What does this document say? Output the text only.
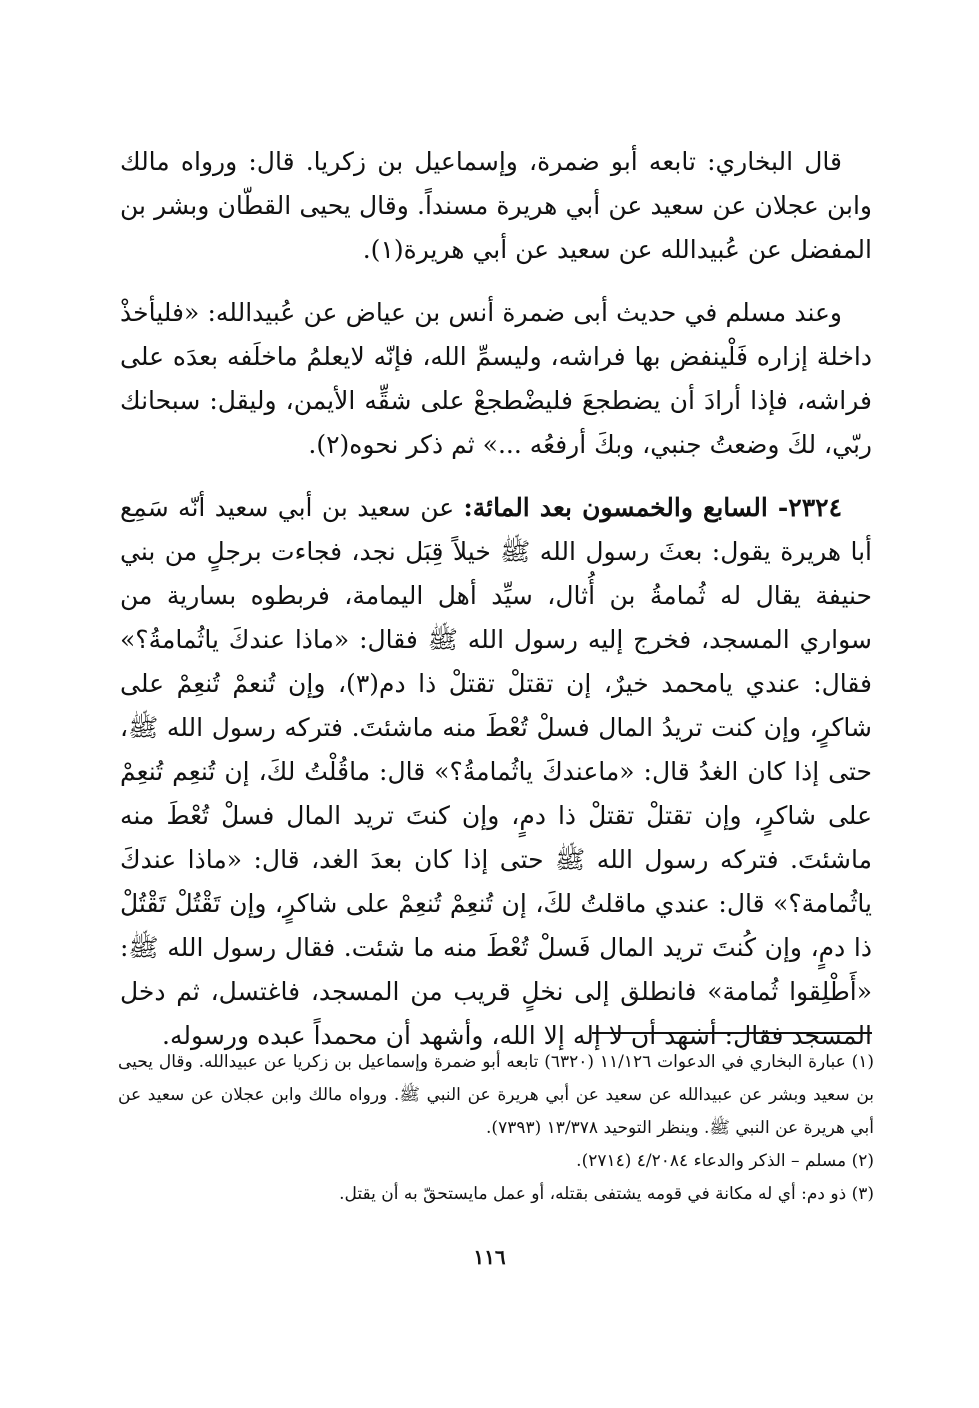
قال البخاري: تابعه أبو ضمرة، وإسماعيل بن زكريا. قال: ورواه مالك وابن عجلان عن سعيد عن أبي هريرة مسنداً. وقال يحيى القطّان وبشر بن المفضل عن عُبيدالله عن سعيد عن أبي هريرة(١).

وعند مسلم في حديث أبى ضمرة أنس بن عياض عن عُبيدالله: «فليأخذْ داخلة إزاره فَلْينفض بها فراشه، وليسمِّ الله، فإنّه لايعلمُ ماخلَفه بعدَه على فراشه، فإذا أرادَ أن يضطجعَ فليضْطجعْ على شقِّه الأيمن، وليقل: سبحانك ربّي، لكَ وضعتُ جنبي، وبكَ أرفعُه ...» ثم ذكر نحوه(٢).

٢٣٢٤- السابع والخمسون بعد المائة: عن سعيد بن أبي سعيد أنّه سَمِع أبا هريرة يقول: بعثَ رسول الله ﷺ خيلاً قِبَل نجد، فجاءت برجلٍ من بني حنيفة يقال له ثُمامةُ بن أُثال، سيِّد أهل اليمامة، فربطوه بسارية من سواري المسجد، فخرج إليه رسول الله ﷺ فقال: «ماذا عندكَ ياثُمامةُ؟» فقال: عندي يامحمد خيرٌ، إن تقتلْ تقتلْ ذا دم(٣)، وإن تُنعمْ تُنعِمْ على شاكرٍ، وإن كنت تريدُ المال فسلْ تُعْطَ منه ماشئتَ. فتركه رسول الله ﷺ، حتى إذا كان الغدُ قال: «ماعندكَ ياثُمامةُ؟» قال: ماقُلْتُ لكَ، إن تُنعِم تُنعِمْ على شاكرٍ، وإن تقتلْ تقتلْ ذا دمٍ، وإن كنتَ تريد المال فسلْ تُعْطَ منه ماشئتَ. فتركه رسول الله ﷺ حتى إذا كان بعدَ الغد، قال: «ماذا عندكَ ياثُمامة؟» قال: عندي ماقلتُ لكَ، إن تُنعِمْ تُنعِمْ على شاكرٍ، وإن تَقْتُلْ تَقْتُلْ ذا دمٍ، وإن كُنتَ تريد المال فَسلْ تُعْطَ منه ما شئت. فقال رسول الله ﷺ: «أَطْلِقوا ثُمامة» فانطلق إلى نخلٍ قريب من المسجد، فاغتسل، ثم دخل المسجد فقال: أشهد أن لا إله إلا الله، وأشهد أن محمداً عبده ورسوله.

(١) عبارة البخاري في الدعوات ١١/١٢٦ (٦٣٢٠) تابعه أبو ضمرة وإسماعيل بن زكريا عن عبيدالله. وقال يحيى بن سعيد وبشر عن عبيدالله عن سعيد عن أبي هريرة عن النبي ﷺ. ورواه مالك وابن عجلان عن سعيد عن أبي هريرة عن النبي ﷺ. وينظر التوحيد ١٣/٣٧٨ (٧٣٩٣).

(٢) مسلم – الذكر والدعاء ٤/٢٠٨٤ (٢٧١٤).

(٣) ذو دم: أي له مكانة في قومه يشتفى بقتله، أو عمل مايستحقّ به أن يقتل.

١١٦
